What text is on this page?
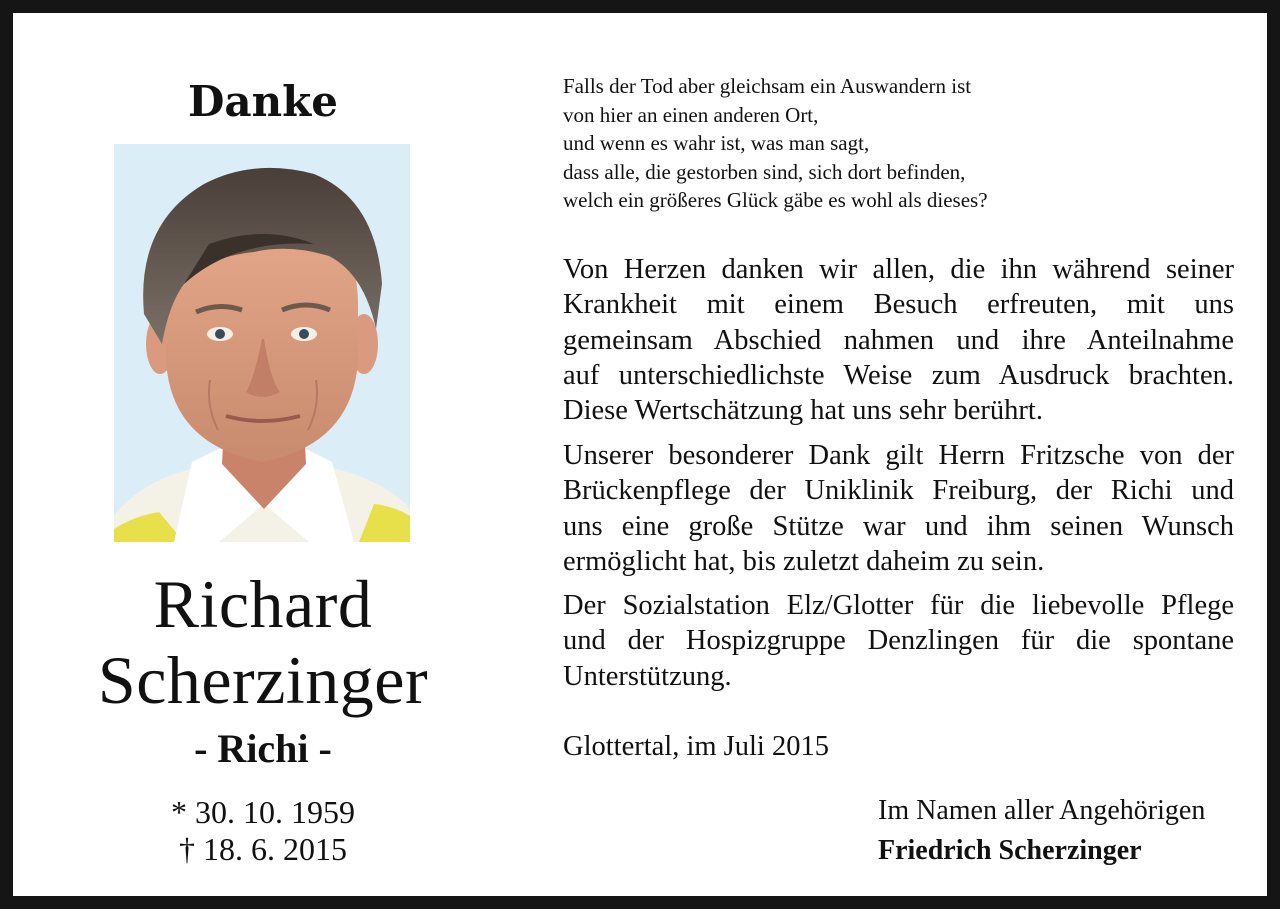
Danke
Richard
Scherzinger
- Richi -
* 30. 10. 1959
† 18. 6. 2015
Falls der Tod aber gleichsam ein Auswandern ist
von hier an einen anderen Ort,
und wenn es wahr ist, was man sagt,
dass alle, die gestorben sind, sich dort befinden,
welch ein größeres Glück gäbe es wohl als dieses?
Von Herzen danken wir allen, die ihn während seiner
Krankheit mit einem Besuch erfreuten, mit uns
gemeinsam Abschied nahmen und ihre Anteilnahme
auf unterschiedlichste Weise zum Ausdruck brachten.
Diese Wertschätzung hat uns sehr berührt.
Unserer besonderer Dank gilt Herrn Fritzsche von der
Brückenpflege der Uniklinik Freiburg, der Richi und
uns eine große Stütze war und ihm seinen Wunsch
ermöglicht hat, bis zuletzt daheim zu sein.
Der Sozialstation Elz/Glotter für die liebevolle Pflege
und der Hospizgruppe Denzlingen für die spontane
Unterstützung.
Glottertal, im Juli 2015
Im Namen aller Angehörigen
Friedrich Scherzinger
